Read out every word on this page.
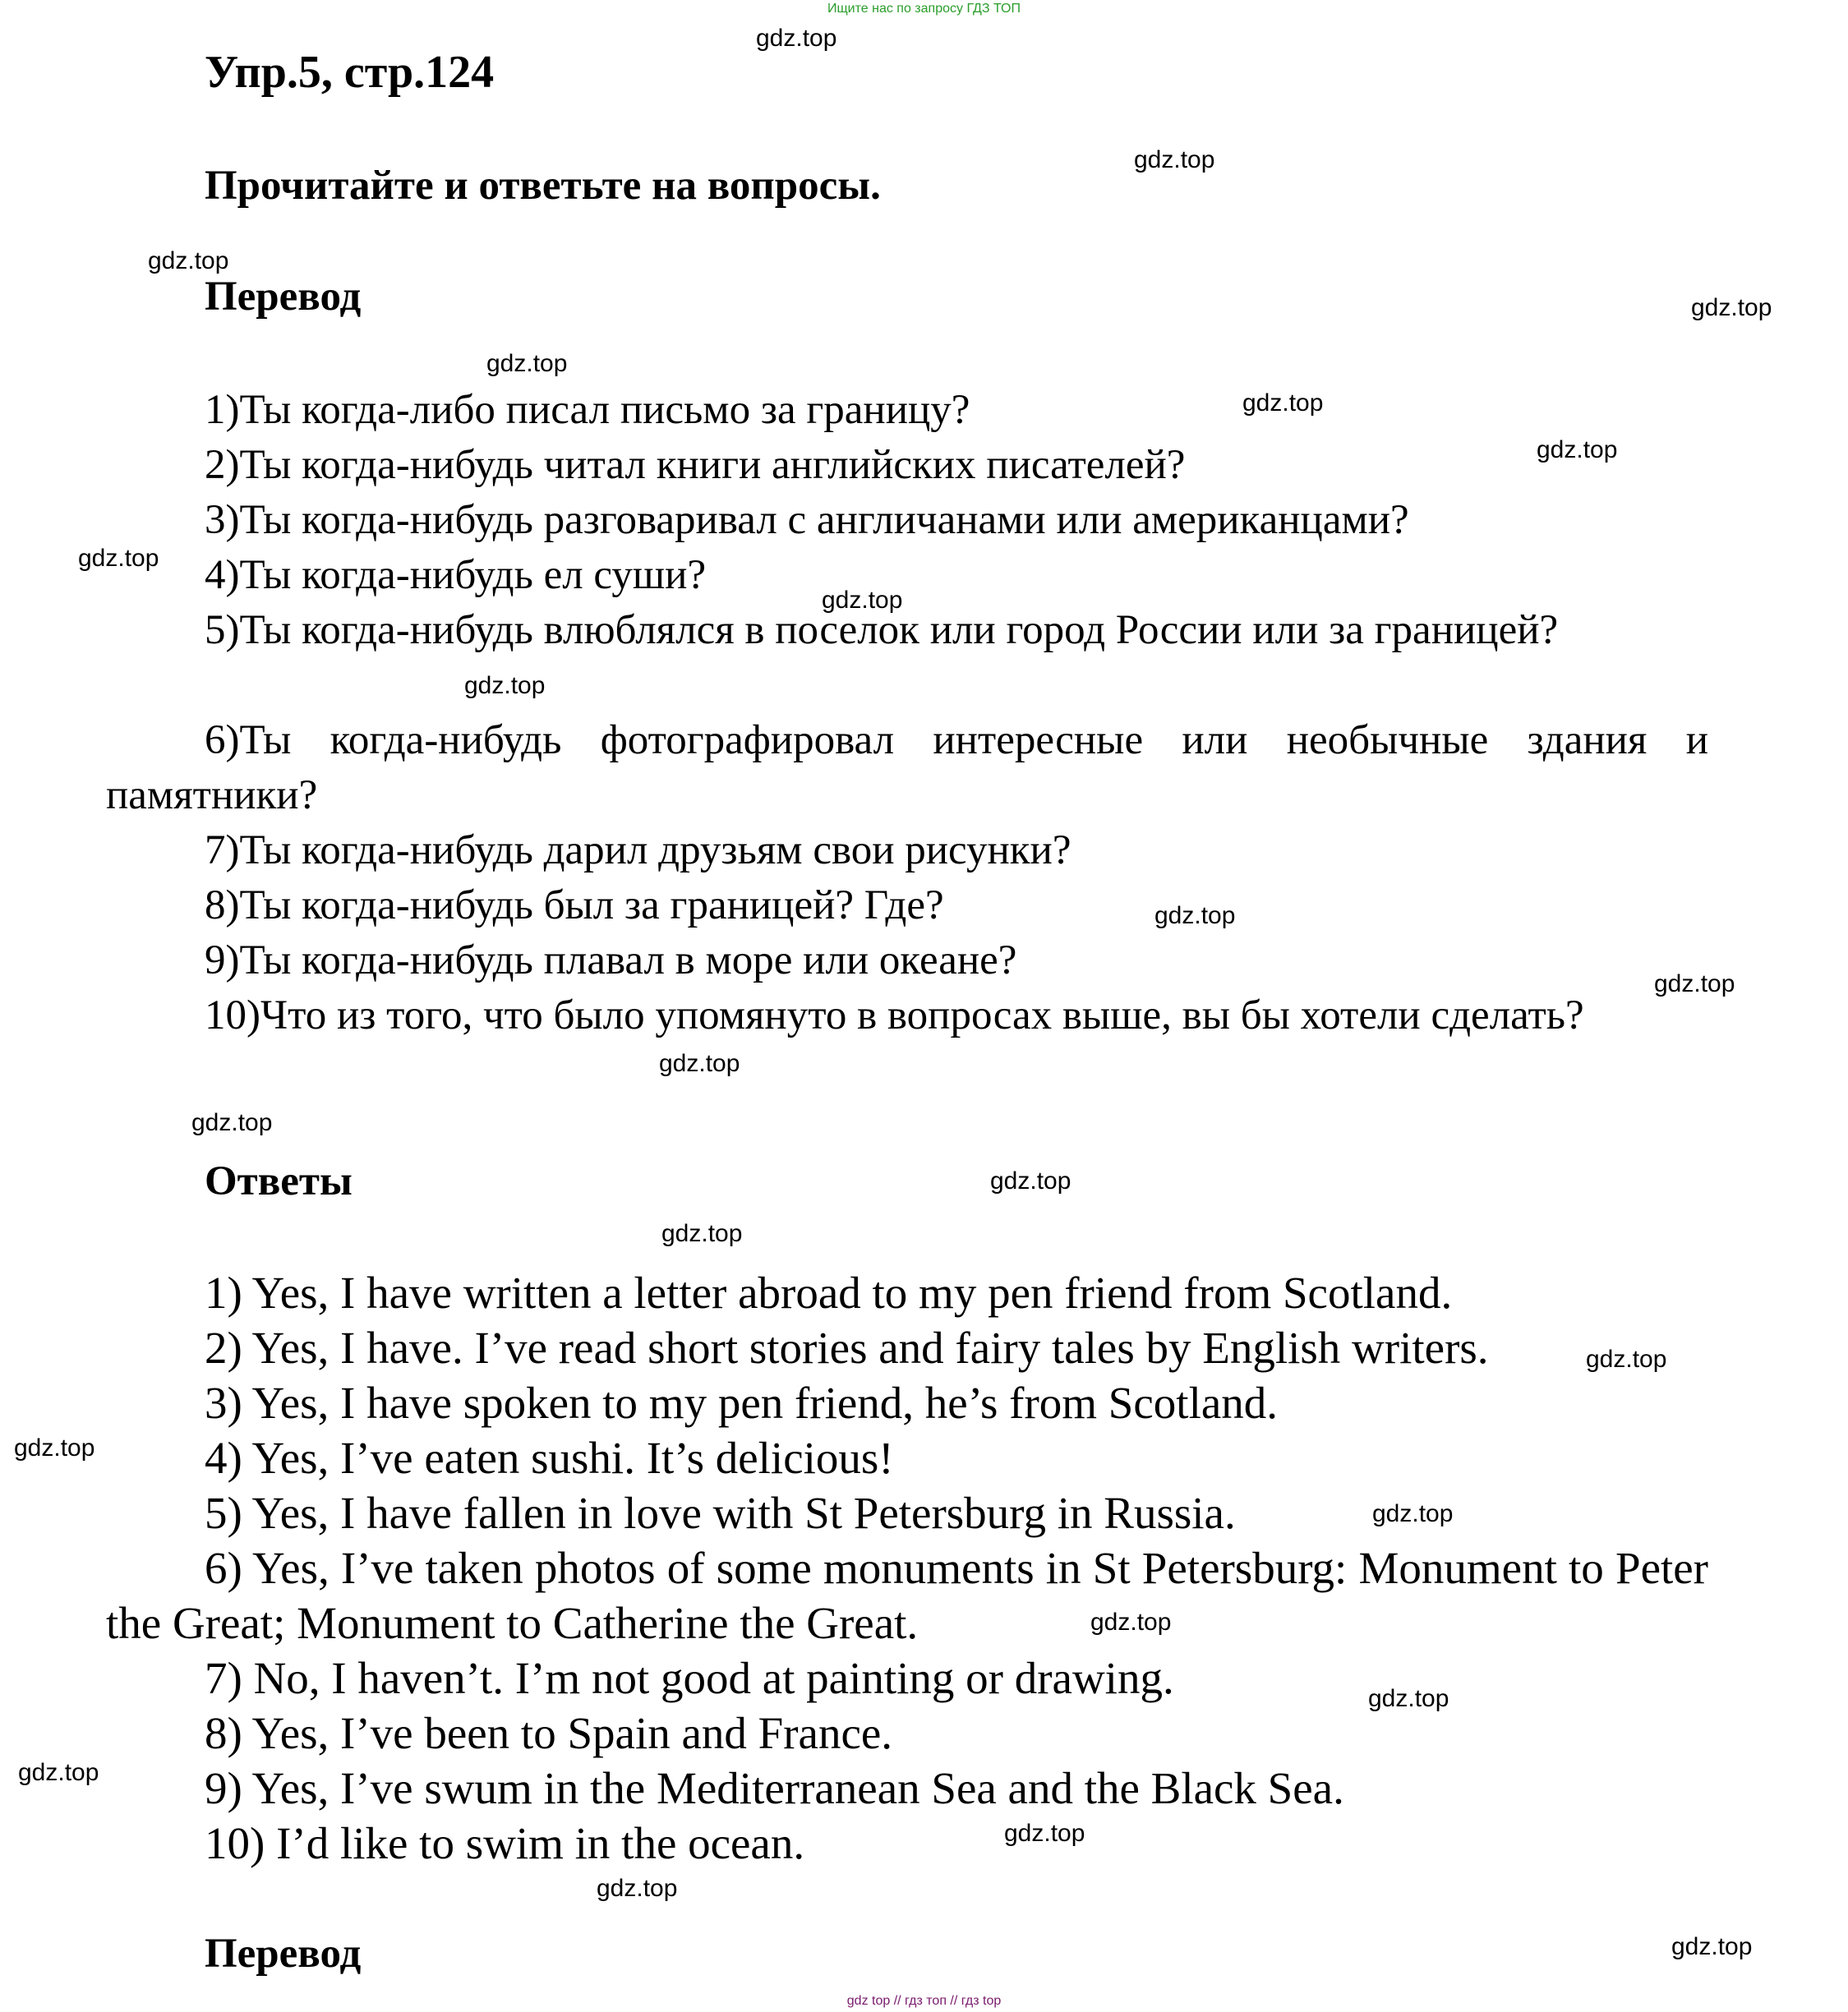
Ищите нас по запросу ГДЗ ТОП
Упр.5, стр.124
Прочитайте и ответьте на вопросы.
Перевод

1)Ты когда-либо писал письмо за границу?

2)Ты когда-нибудь читал книги английских писателей?

3)Ты когда-нибудь разговаривал с англичанами или американцами?

4)Ты когда-нибудь ел суши?

5)Ты когда-нибудь влюблялся в поселок или город России или за границей?

6)Ты когда-нибудь фотографировал интересные или необычные здания и памятники?

7)Ты когда-нибудь дарил друзьям свои рисунки?

8)Ты когда-нибудь был за границей? Где?

9)Ты когда-нибудь плавал в море или океане?

10)Что из того, что было упомянуто в вопросах выше, вы бы хотели сделать?

Ответы

1) Yes, I have written a letter abroad to my pen friend from Scotland.

2) Yes, I have. I’ve read short stories and fairy tales by English writers.

3) Yes, I have spoken to my pen friend, he’s from Scotland.

4) Yes, I’ve eaten sushi. It’s delicious!

5) Yes, I have fallen in love with St Petersburg in Russia.

6) Yes, I’ve taken photos of some monuments in St Petersburg: Monument to Peter the Great; Monument to Catherine the Great.

7) No, I haven’t. I’m not good at painting or drawing.

8) Yes, I’ve been to Spain and France.

9) Yes, I’ve swum in the Mediterranean Sea and the Black Sea.

10) I’d like to swim in the ocean.

Перевод
gdz.top
gdz.top
gdz.top
gdz.top
gdz.top
gdz.top
gdz.top
gdz.top
gdz.top
gdz.top
gdz.top
gdz.top
gdz.top
gdz.top
gdz.top
gdz.top
gdz.top
gdz.top
gdz.top
gdz.top
gdz.top
gdz.top
gdz.top
gdz.top
gdz.top
gdz top // гдз топ // гдз top
